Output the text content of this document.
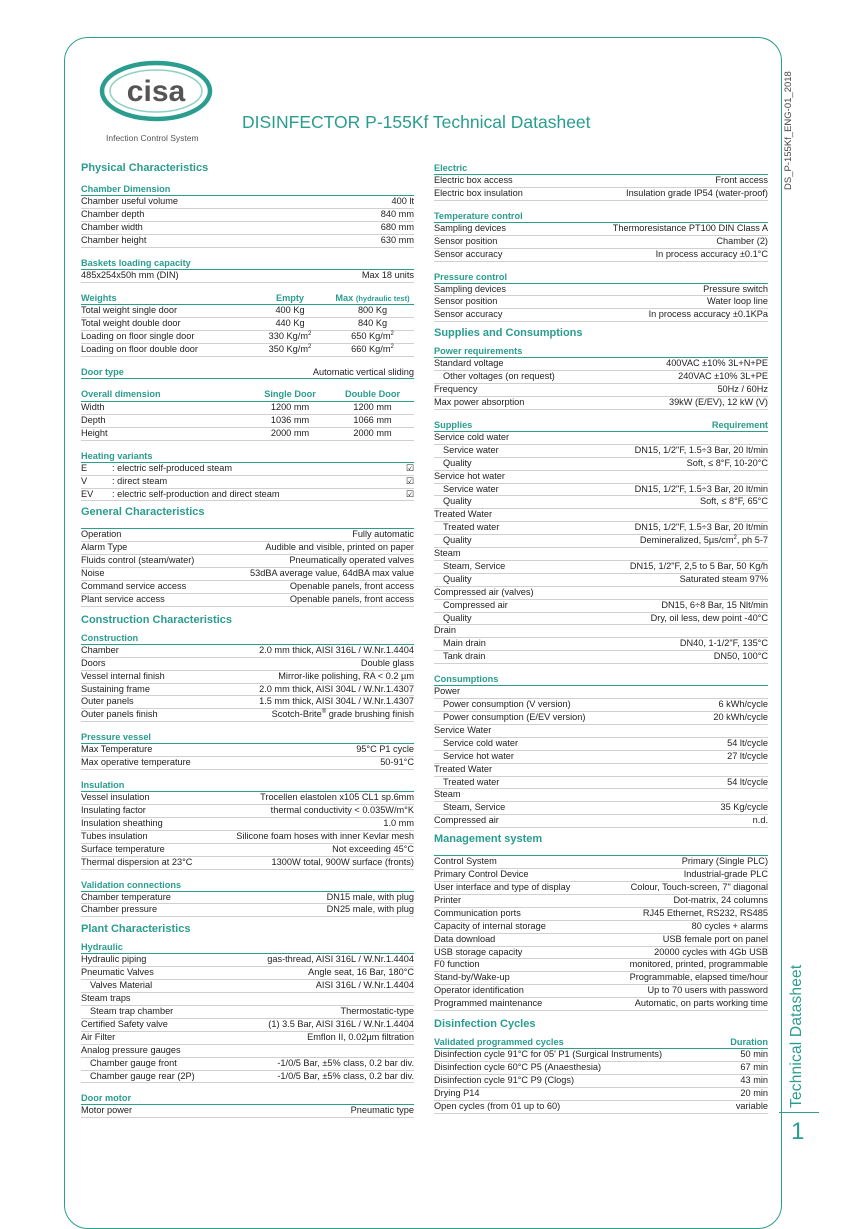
cisa
Infection Control System
DISINFECTOR P-155Kf Technical Datasheet	DS_P-155Kf_ENG-01_2018
Technical Datasheet
1
Physical Characteristics
Chamber Dimension
Chamber useful volume	400 lt
Chamber depth	840 mm
Chamber width	680 mm
Chamber height	630 mm
Baskets loading capacity
485x254x50h mm (DIN)	Max 18 units
Weights	Empty	Max (hydraulic test)
Total weight single door	400 Kg	800 Kg
Total weight double door	440 Kg	840 Kg
Loading on floor single door	330 $Kg/m^2$	650 $Kg/m^2$
Loading on floor double door	350 $Kg/m^2$	660 $Kg/m^2$
Door type	Automatic vertical sliding
Overall dimension	Single Door	Double Door
Width	1200 mm	1200 mm
Depth	1036 mm	1066 mm
Height	2000 mm	2000 mm
Heating variants
E	: electric self-produced steam	☑
V	: direct steam	☑
EV	: electric self-production and direct steam	☑
General Characteristics
Operation	Fully automatic
Alarm Type	Audible and visible, printed on paper
Fluids control (steam/water)	Pneumatically operated valves
Noise	53dBA average value, 64dBA max value
Command service access	Openable panels, front access
Plant service access	Openable panels, front access
Construction Characteristics
Construction
Chamber	2.0 mm thick, AISI 316L / W.Nr.1.4404
Doors	Double glass
Vessel internal finish	Mirror-like polishing, RA < 0.2 µm
Sustaining frame	2.0 mm thick, AISI 304L / W.Nr.1.4307
Outer panels	1.5 mm thick, AISI 304L / W.Nr.1.4307
Outer panels finish	Scotch-Brite® grade brushing finish
Pressure vessel
Max Temperature	95°C P1 cycle
Max operative temperature	50-91°C
Insulation
Vessel insulation	Trocellen elastolen x105 CL1 sp.6mm
Insulating factor	thermal conductivity < 0.035W/m°K
Insulation sheathing	1.0 mm
Tubes insulation	Silicone foam hoses with inner Kevlar mesh
Surface temperature	Not exceeding 45°C
Thermal dispersion at 23°C	1300W total, 900W surface (fronts)
Validation connections
Chamber temperature	DN15 male, with plug
Chamber pressure	DN25 male, with plug
Plant Characteristics
Hydraulic
Hydraulic piping	gas-thread, AISI 316L / W.Nr.1.4404
Pneumatic Valves	Angle seat, 16 Bar, 180°C
Valves Material	AISI 316L / W.Nr.1.4404
Steam traps
Steam trap chamber	Thermostatic-type
Certified Safety valve	(1) 3.5 Bar, AISI 316L / W.Nr.1.4404
Air Filter	Emflon II, 0.02µm filtration
Analog pressure gauges
Chamber gauge front	-1/0/5 Bar, ±5% class, 0.2 bar div.
Chamber gauge rear (2P)	-1/0/5 Bar, ±5% class, 0.2 bar div.
Door motor
Motor power	Pneumatic type
Electric
Electric box access	Front access
Electric box insulation	Insulation grade IP54 (water-proof)
Temperature control
Sampling devices	Thermoresistance PT100 DIN Class A
Sensor position	Chamber (2)
Sensor accuracy	In process accuracy ±0.1°C
Pressure control
Sampling devices	Pressure switch
Sensor position	Water loop line
Sensor accuracy	In process accuracy ±0.1KPa
Supplies and Consumptions
Power requirements
Standard voltage	400VAC ±10% 3L+N+PE
Other voltages (on request)	240VAC ±10% 3L+PE
Frequency	50Hz / 60Hz
Max power absorption	39kW (E/EV), 12 kW (V)
Supplies	Requirement
Service cold water
Service water	DN15, 1/2"F, 1.5÷3 Bar, 20 lt/min
Quality	Soft, ≤ 8°F, 10-20°C
Service hot water
Service water	DN15, 1/2"F, 1.5÷3 Bar, 20 lt/min
Quality	Soft, ≤ 8°F, 65°C
Treated Water
Treated water	DN15, 1/2"F, 1.5÷3 Bar, 20 lt/min
Quality	Demineralized, $5\mu s/cm^2$, ph 5-7
Steam
Steam, Service	DN15, 1/2"F, 2,5 to 5 Bar, 50 Kg/h
Quality	Saturated steam 97%
Compressed air (valves)
Compressed air	DN15, 6÷8 Bar, 15 Nlt/min
Quality	Dry, oil less, dew point -40°C
Drain
Main drain	DN40, 1-1/2"F, 135°C
Tank drain	DN50, 100°C
Consumptions
Power
Power consumption (V version)	6 kWh/cycle
Power consumption (E/EV version)	20 kWh/cycle
Service Water
Service cold water	54 lt/cycle
Service hot water	27 lt/cycle
Treated Water
Treated water	54 lt/cycle
Steam
Steam, Service	35 Kg/cycle
Compressed air	n.d.
Management system
Control System	Primary (Single PLC)
Primary Control Device	Industrial-grade PLC
User interface and type of display	Colour, Touch-screen, 7" diagonal
Printer	Dot-matrix, 24 columns
Communication ports	RJ45 Ethernet, RS232, RS485
Capacity of internal storage	80 cycles + alarms
Data download	USB female port on panel
USB storage capacity	20000 cycles with 4Gb USB
F0 function	monitored, printed, programmable
Stand-by/Wake-up	Programmable, elapsed time/hour
Operator identification	Up to 70 users with password
Programmed maintenance	Automatic, on parts working time
Disinfection Cycles
Validated programmed cycles	Duration
Disinfection cycle 91°C for 05' P1 (Surgical Instruments)	50 min
Disinfection cycle 60°C P5 (Anaesthesia)	67 min
Disinfection cycle 91°C P9 (Clogs)	43 min
Drying P14	20 min
Open cycles (from 01 up to 60)	variable
